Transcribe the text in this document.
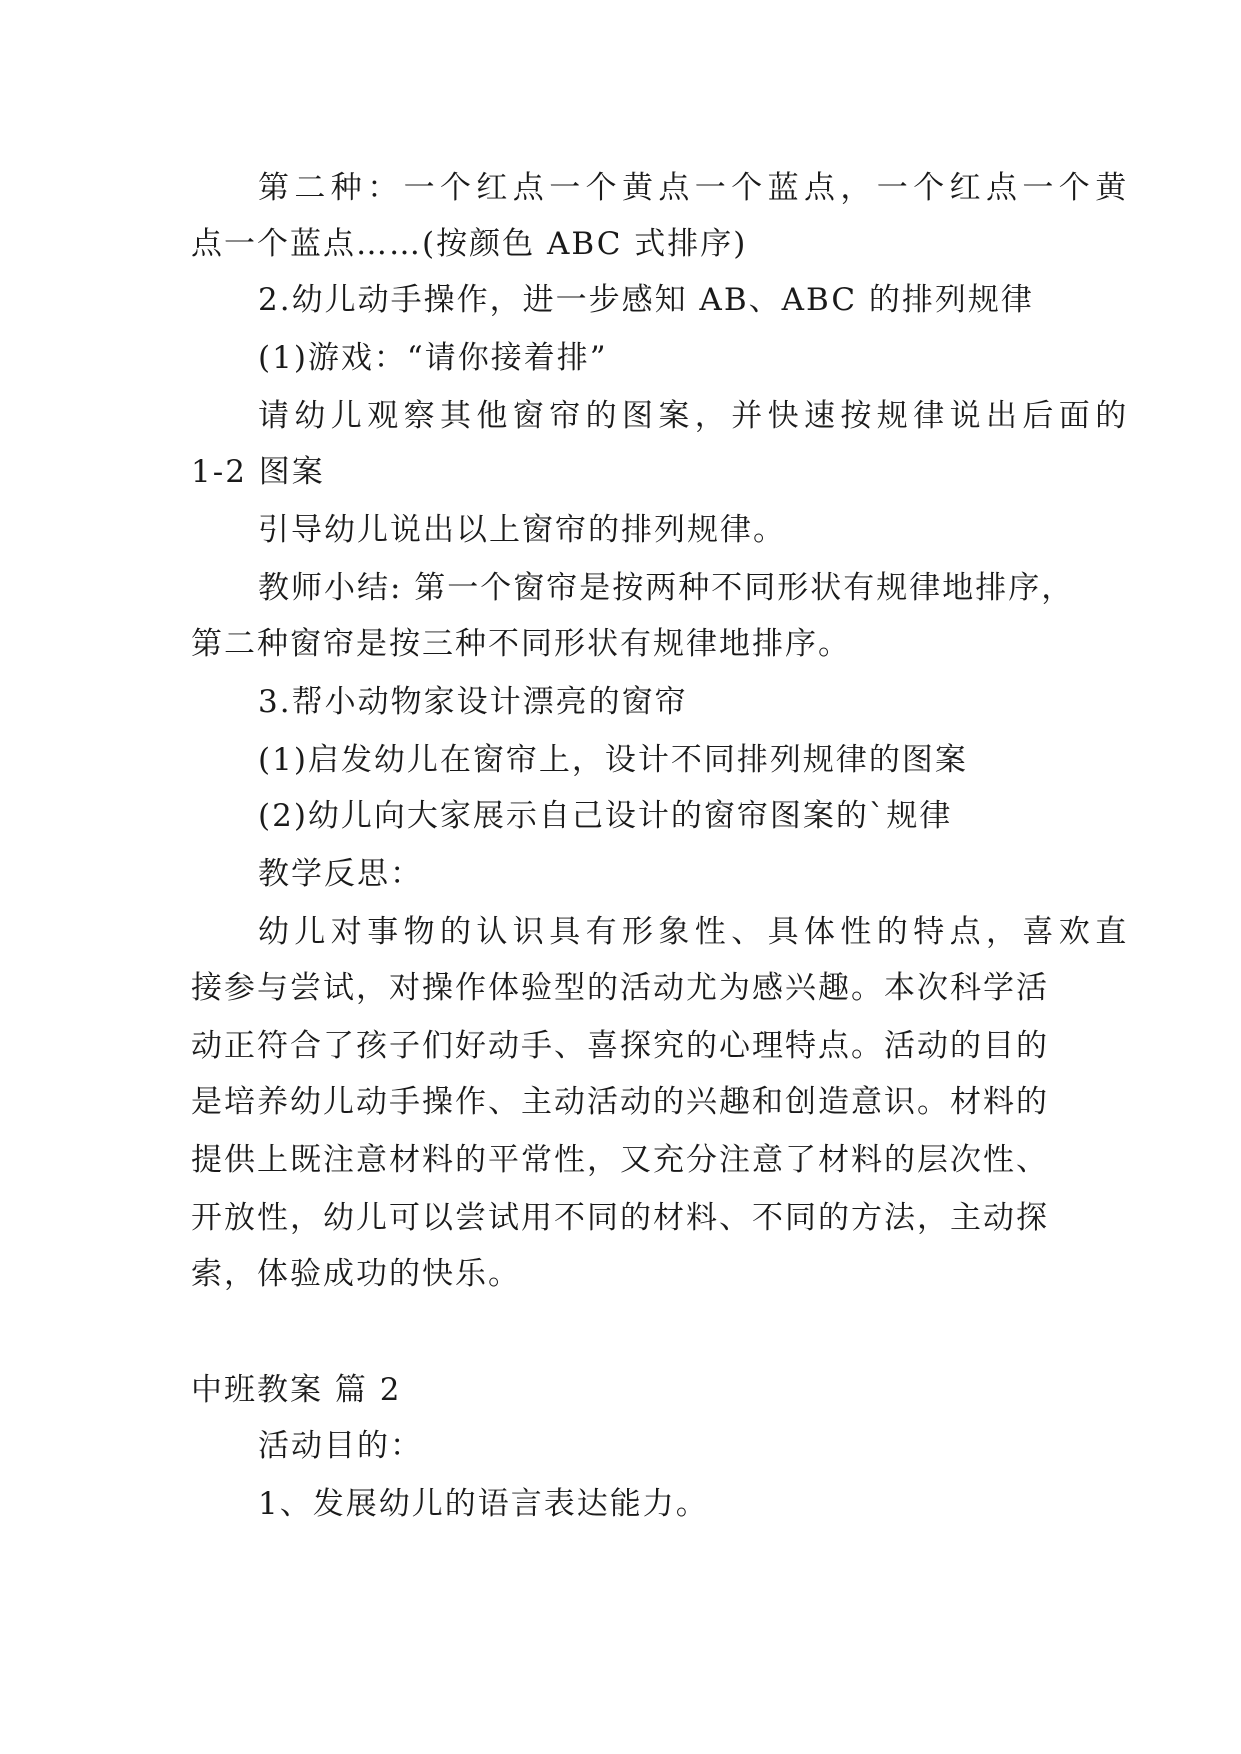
第二种：一个红点一个黄点一个蓝点，一个红点一个黄
点一个蓝点……(按颜色 ABC 式排序)
2.幼儿动手操作，进一步感知 AB、ABC 的排列规律
(1)游戏：“请你接着排”
请幼儿观察其他窗帘的图案，并快速按规律说出后面的
1-2 图案
引导幼儿说出以上窗帘的排列规律。
教师小结: 第一个窗帘是按两种不同形状有规律地排序，
第二种窗帘是按三种不同形状有规律地排序。
3.帮小动物家设计漂亮的窗帘
(1)启发幼儿在窗帘上，设计不同排列规律的图案
(2)幼儿向大家展示自己设计的窗帘图案的`规律
教学反思：
幼儿对事物的认识具有形象性、具体性的特点，喜欢直
接参与尝试，对操作体验型的活动尤为感兴趣。本次科学活
动正符合了孩子们好动手、喜探究的心理特点。活动的目的
是培养幼儿动手操作、主动活动的兴趣和创造意识。材料的
提供上既注意材料的平常性，又充分注意了材料的层次性、
开放性，幼儿可以尝试用不同的材料、不同的方法，主动探
索，体验成功的快乐。
中班教案 篇 2
活动目的：
1、发展幼儿的语言表达能力。
